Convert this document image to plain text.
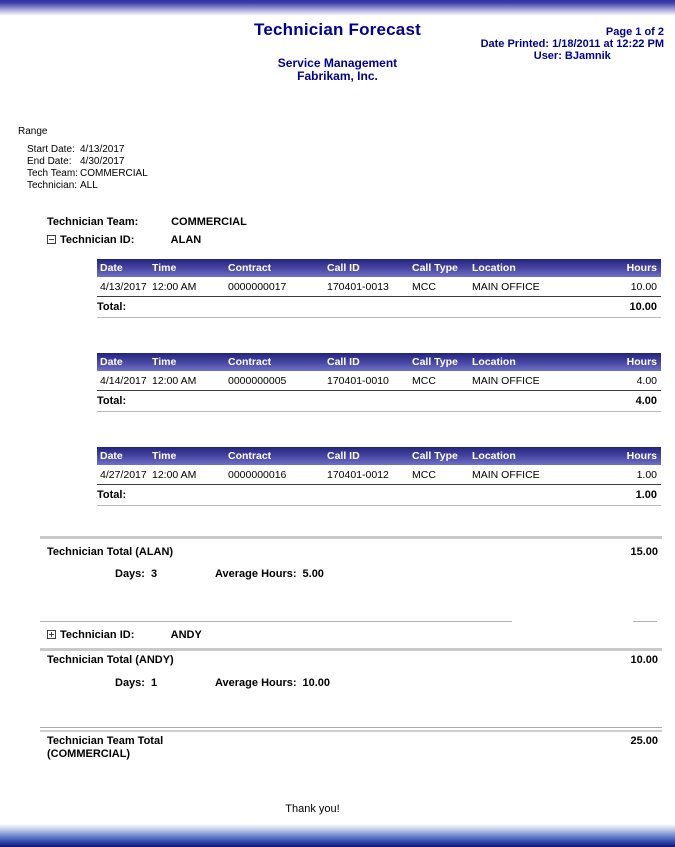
Technician Forecast	Page 1 of 2
Date Printed: 1/18/2011 at 12:22 PM
User: BJamnik
Service Management
Fabrikam, Inc.
Range
Start Date: 4/13/2017
End Date: 4/30/2017
Tech Team: COMMERCIAL
Technician: ALL
Technician Team:	COMMERCIAL
Technician ID:	ALAN
Date	Time	Contract	Call ID	Call Type	Location	Hours
4/13/2017 12:00 AM	0000000017	170401-0013	MCC	MAIN OFFICE	10.00
Total:	10.00
Date	Time	Contract	Call ID	Call Type	Location	Hours
4/14/2017 12:00 AM	0000000005	170401-0010	MCC	MAIN OFFICE	4.00
Total:	4.00
Date	Time	Contract	Call ID	Call Type	Location	Hours
4/27/2017 12:00 AM	0000000016	170401-0012	MCC	MAIN OFFICE	1.00
Total:	1.00
Technician Total (ALAN)	15.00
Days: 3	Average Hours: 5.00
Technician ID:	ANDY
Technician Total (ANDY)	10.00
Days: 1	Average Hours: 10.00
Technician Team Total
(COMMERCIAL)
25.00
Thank you!
